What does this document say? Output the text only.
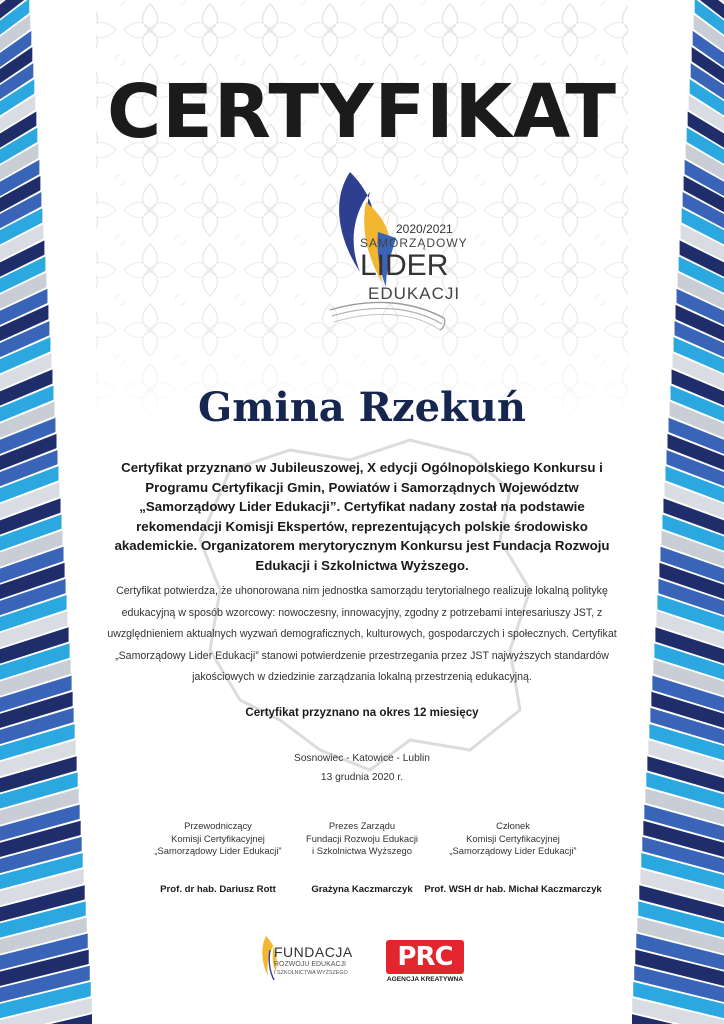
CERTYFIKAT
2020/2021
SAMORZĄDOWY
LIDER
EDUKACJI
Gmina Rzekuń
Certyfikat przyznano w Jubileuszowej, X edycji Ogólnopolskiego Konkursu i Programu Certyfikacji Gmin, Powiatów i Samorządnych Województw „Samorządowy Lider Edukacji”. Certyfikat nadany został na podstawie rekomendacji Komisji Ekspertów, reprezentujących polskie środowisko akademickie. Organizatorem merytorycznym Konkursu jest Fundacja Rozwoju Edukacji i Szkolnictwa Wyższego.
Certyfikat potwierdza, że uhonorowana nim jednostka samorządu terytorialnego realizuje lokalną politykę edukacyjną w sposób wzorcowy: nowoczesny, innowacyjny, zgodny z potrzebami interesariuszy JST, z uwzględnieniem aktualnych wyzwań demograficznych, kulturowych, gospodarczych i społecznych. Certyfikat „Samorządowy Lider Edukacji” stanowi potwierdzenie przestrzegania przez JST najwyższych standardów jakościowych w dziedzinie zarządzania lokalną przestrzenią edukacyjną.
Certyfikat przyznano na okres 12 miesięcy
Sosnowiec - Katowice - Lublin
13 grudnia 2020 r.
Przewodniczący
Komisji Certyfikacyjnej
„Samorządowy Lider Edukacji”
Prezes Zarządu
Fundacji Rozwoju Edukacji
i Szkolnictwa Wyższego
Członek
Komisji Certyfikacyjnej
„Samorządowy Lider Edukacji”
Prof. dr hab. Dariusz Rott	Grażyna Kaczmarczyk	Prof. WSH dr hab. Michał Kaczmarczyk
FUNDACJA
ROZWOJU EDUKACJI
I SZKOLNICTWA WYŻSZEGO
PRC
AGENCJA KREATYWNA
